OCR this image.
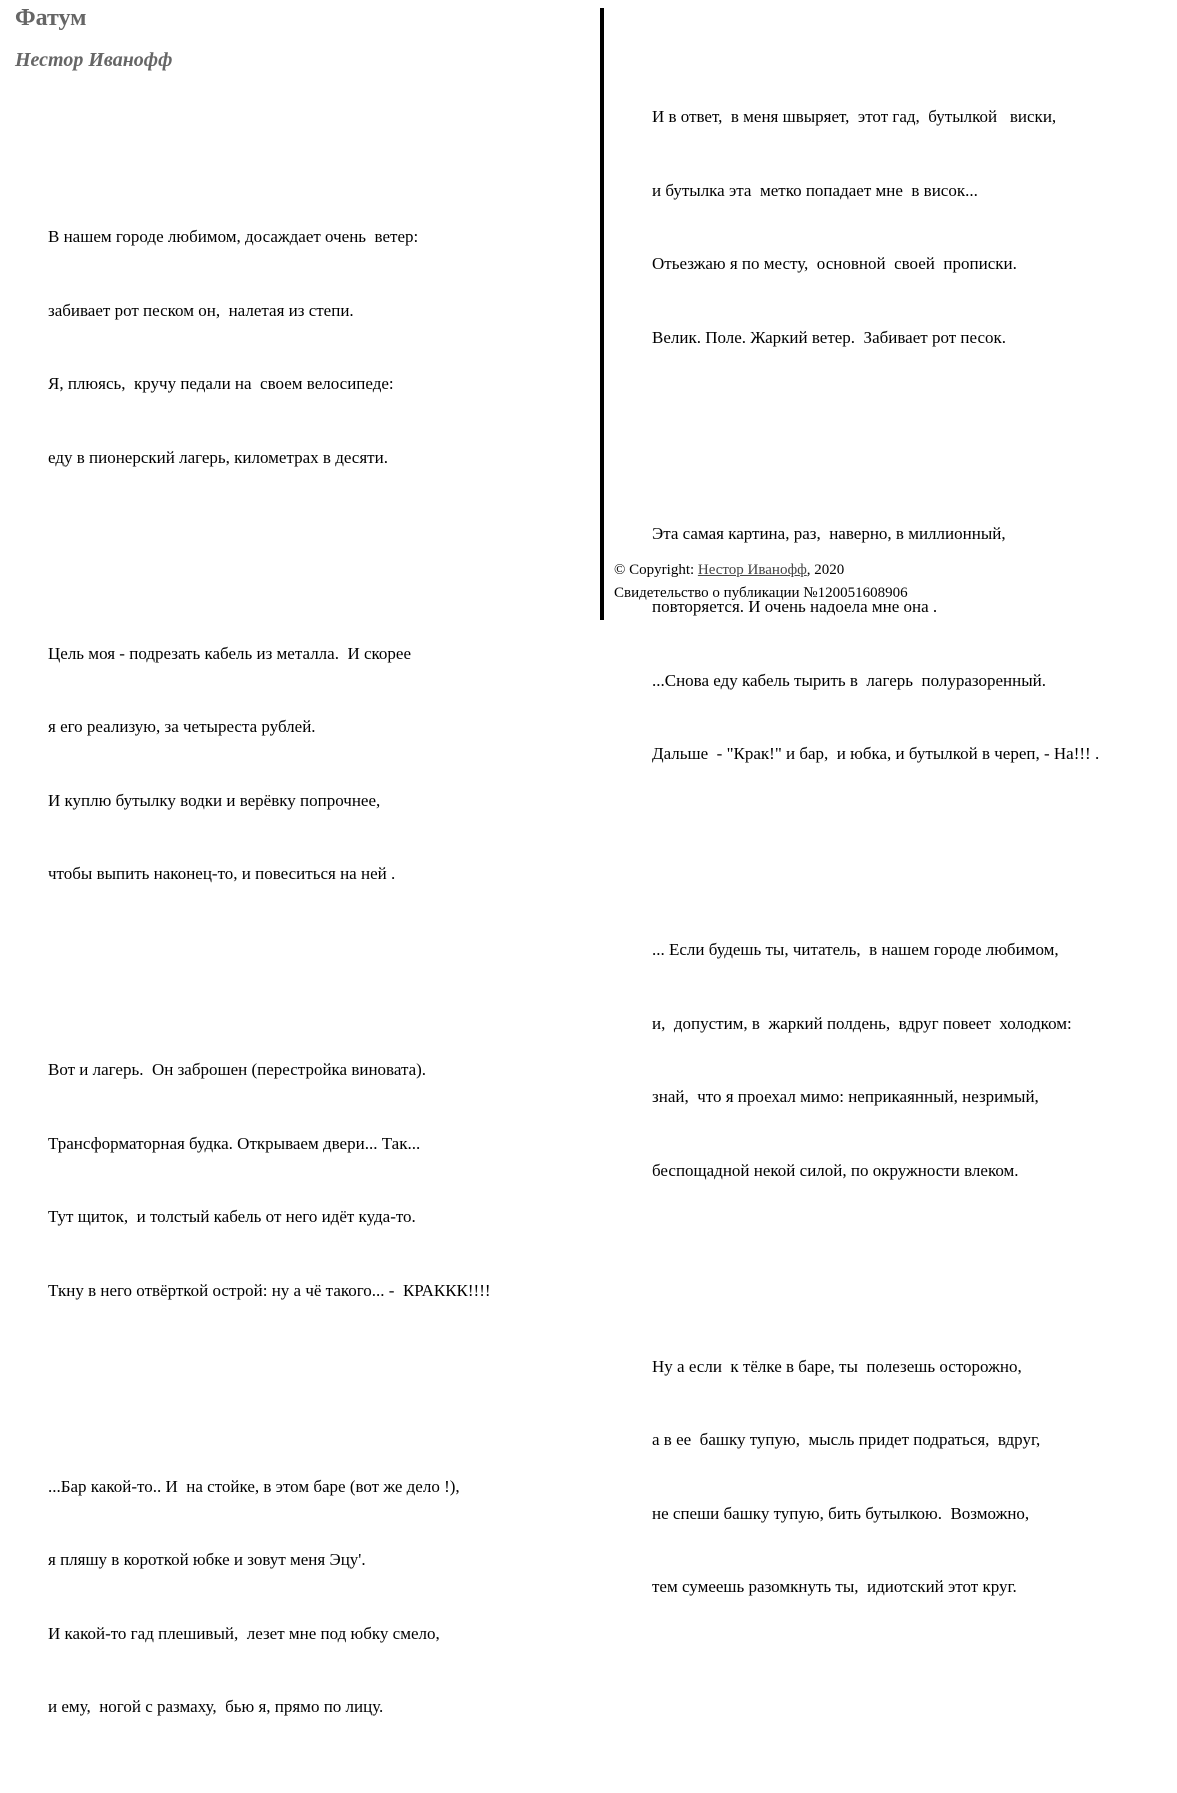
Фатум
Нестор Иванофф

В нашем городе любимом, досаждает очень  ветер:

забивает рот песком он,  налетая из степи.

Я, плюясь,  кручу педали на  своем велосипеде:

еду в пионерский лагерь, километрах в десяти.

Цель моя - подрезать кабель из металла.  И скорее

я его реализую, за четыреста рублей.

И куплю бутылку водки и верёвку попрочнее,

чтобы выпить наконец-то, и повеситься на ней .

Вот и лагерь.  Он заброшен (перестройка виновата).

Трансформаторная будка. Открываем двери... Так...

Тут щиток,  и толстый кабель от него идёт куда-то.

Ткну в него отвёрткой острой: ну а чё такого... -  КРАККК!!!!

...Бар какой-то.. И  на стойке, в этом баре (вот же дело !),

я пляшу в короткой юбке и зовут меня Эцу'.

И какой-то гад плешивый,  лезет мне под юбку смело,

и ему,  ногой с размаху,  бью я, прямо по лицу.

И в ответ,  в меня швыряет,  этот гад,  бутылкой   виски,

и бутылка эта  метко попадает мне  в висок...

Отьезжаю я по месту,  основной  своей  прописки.

Велик. Поле. Жаркий ветер.  Забивает рот песок.

Эта самая картина, раз,  наверно, в миллионный,

повторяется. И очень надоела мне она .

...Снова еду кабель тырить в  лагерь  полуразоренный.

Дальше  - "Крак!" и бар,  и юбка, и бутылкой в череп, - На!!! .

... Если будешь ты, читатель,  в нашем городе любимом,

и,  допустим, в  жаркий полдень,  вдруг повеет  холодком:

знай,  что я проехал мимо: неприкаянный, незримый,

беспощадной некой силой, по окружности влеком.

Ну а если  к тёлке в баре, ты  полезешь осторожно,

а в ее  башку тупую,  мысль придет подраться,  вдруг,

не спеши башку тупую, бить бутылкою.  Возможно,

тем сумеешь разомкнуть ты,  идиотский этот круг.

© Copyright: Нестор Иванофф, 2020
Свидетельство о публикации №120051608906
